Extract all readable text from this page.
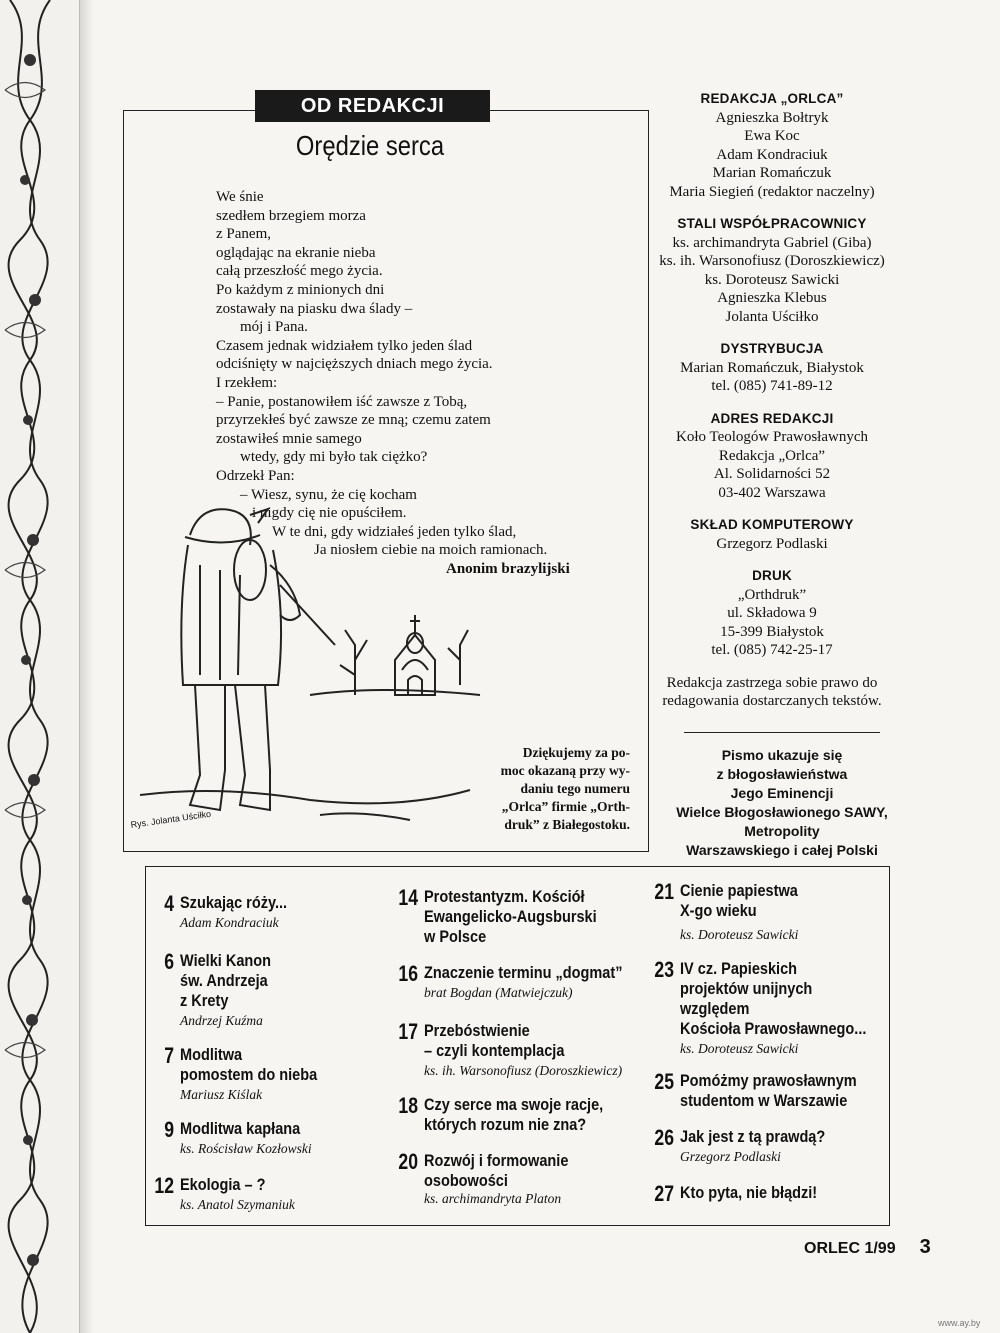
OD REDAKCJI
Orędzie serca
We śnie
szedłem brzegiem morza
z Panem,
oglądając na ekranie nieba
całą przeszłość mego życia.
Po każdym z minionych dni
zostawały na piasku dwa ślady –
mój i Pana.
Czasem jednak widziałem tylko jeden ślad
odciśnięty w najcięższych dniach mego życia.
I rzekłem:
– Panie, postanowiłem iść zawsze z Tobą,
przyrzekłeś być zawsze ze mną; czemu zatem
zostawiłeś mnie samego
wtedy, gdy mi było tak ciężko?
Odrzekł Pan:
– Wiesz, synu, że cię kocham
i nigdy cię nie opuściłem.
W te dni, gdy widziałeś jeden tylko ślad,
Ja niosłem ciebie na moich ramionach.
Anonim brazylijski
Rys. Jolanta Uściłko
Dziękujemy za po-
moc okazaną przy wy-
daniu tego numeru
„Orlca” firmie „Orth-
druk” z Białegostoku.
REDAKCJA „ORLCA”
Agnieszka Bołtryk
Ewa Koc
Adam Kondraciuk
Marian Romańczuk
Maria Siegień (redaktor naczelny)
STALI WSPÓŁPRACOWNICY
ks. archimandryta Gabriel (Giba)
ks. ih. Warsonofiusz (Doroszkiewicz)
ks. Doroteusz Sawicki
Agnieszka Klebus
Jolanta Uściłko
DYSTRYBUCJA
Marian Romańczuk, Białystok
tel. (085) 741-89-12
ADRES REDAKCJI
Koło Teologów Prawosławnych
Redakcja „Orlca”
Al. Solidarności 52
03-402 Warszawa
SKŁAD KOMPUTEROWY
Grzegorz Podlaski
DRUK
„Orthdruk”
ul. Składowa 9
15-399 Białystok
tel. (085) 742-25-17
Redakcja zastrzega sobie prawo do
redagowania dostarczanych tekstów.
Pismo ukazuje się
z błogosławieństwa
Jego Eminencji
Wielce Błogosławionego SAWY,
Metropolity
Warszawskiego i całej Polski
4 Szukając róży...
Adam Kondraciuk
6 Wielki Kanon
św. Andrzeja
z Krety
Andrzej Kuźma
7 Modlitwa
pomostem do nieba
Mariusz Kiślak
9 Modlitwa kapłana
ks. Rościsław Kozłowski
12 Ekologia – ?
ks. Anatol Szymaniuk
14 Protestantyzm. Kościół
Ewangelicko-Augsburski
w Polsce
16 Znaczenie terminu „dogmat”
brat Bogdan (Matwiejczuk)
17 Przebóstwienie
– czyli kontemplacja
ks. ih. Warsonofiusz (Doroszkiewicz)
18 Czy serce ma swoje racje,
których rozum nie zna?
20 Rozwój i formowanie
osobowości
ks. archimandryta Platon
21 Cienie papiestwa
X-go wieku
ks. Doroteusz Sawicki
23 IV cz. Papieskich
projektów unijnych
względem
Kościoła Prawosławnego...
ks. Doroteusz Sawicki
25 Pomóżmy prawosławnym
studentom w Warszawie
26 Jak jest z tą prawdą?
Grzegorz Podlaski
27 Kto pyta, nie błądzi!
ORLEC 1/99 3
www.ay.by
